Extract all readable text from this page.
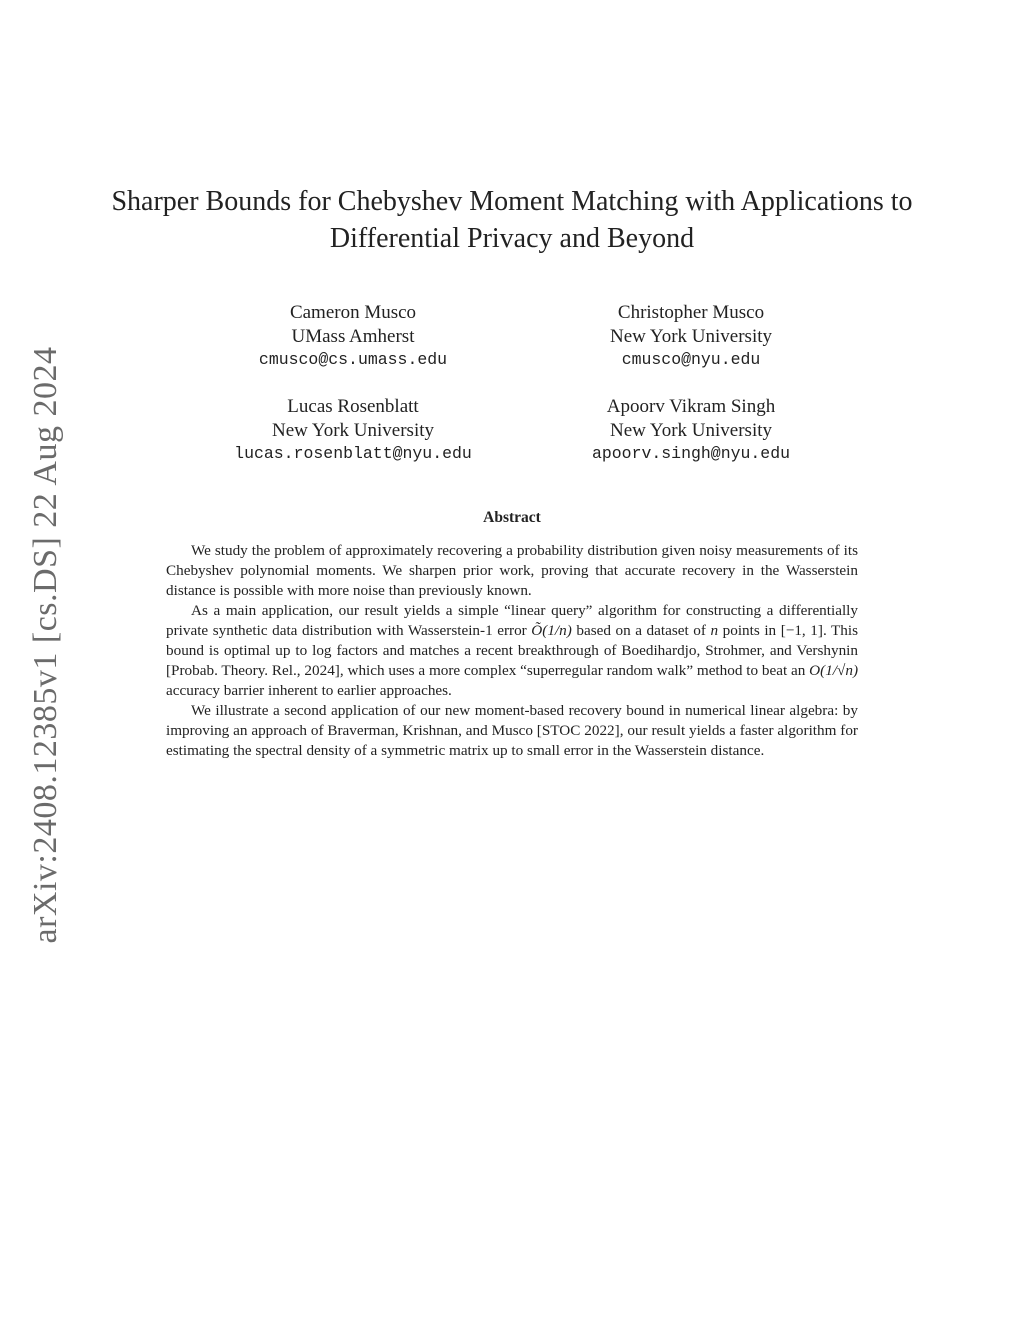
arXiv:2408.12385v1 [cs.DS] 22 Aug 2024
Sharper Bounds for Chebyshev Moment Matching with Applications to Differential Privacy and Beyond
Cameron Musco
UMass Amherst
cmusco@cs.umass.edu
Christopher Musco
New York University
cmusco@nyu.edu
Lucas Rosenblatt
New York University
lucas.rosenblatt@nyu.edu
Apoorv Vikram Singh
New York University
apoorv.singh@nyu.edu
Abstract

We study the problem of approximately recovering a probability distribution given noisy measurements of its Chebyshev polynomial moments. We sharpen prior work, proving that accurate recovery in the Wasserstein distance is possible with more noise than previously known.

As a main application, our result yields a simple “linear query” algorithm for constructing a differentially private synthetic data distribution with Wasserstein-1 error Õ(1/n) based on a dataset of n points in [−1, 1]. This bound is optimal up to log factors and matches a recent breakthrough of Boedihardjo, Strohmer, and Vershynin [Probab. Theory. Rel., 2024], which uses a more complex “superregular random walk” method to beat an O(1/√n) accuracy barrier inherent to earlier approaches.

We illustrate a second application of our new moment-based recovery bound in numerical linear algebra: by improving an approach of Braverman, Krishnan, and Musco [STOC 2022], our result yields a faster algorithm for estimating the spectral density of a symmetric matrix up to small error in the Wasserstein distance.
